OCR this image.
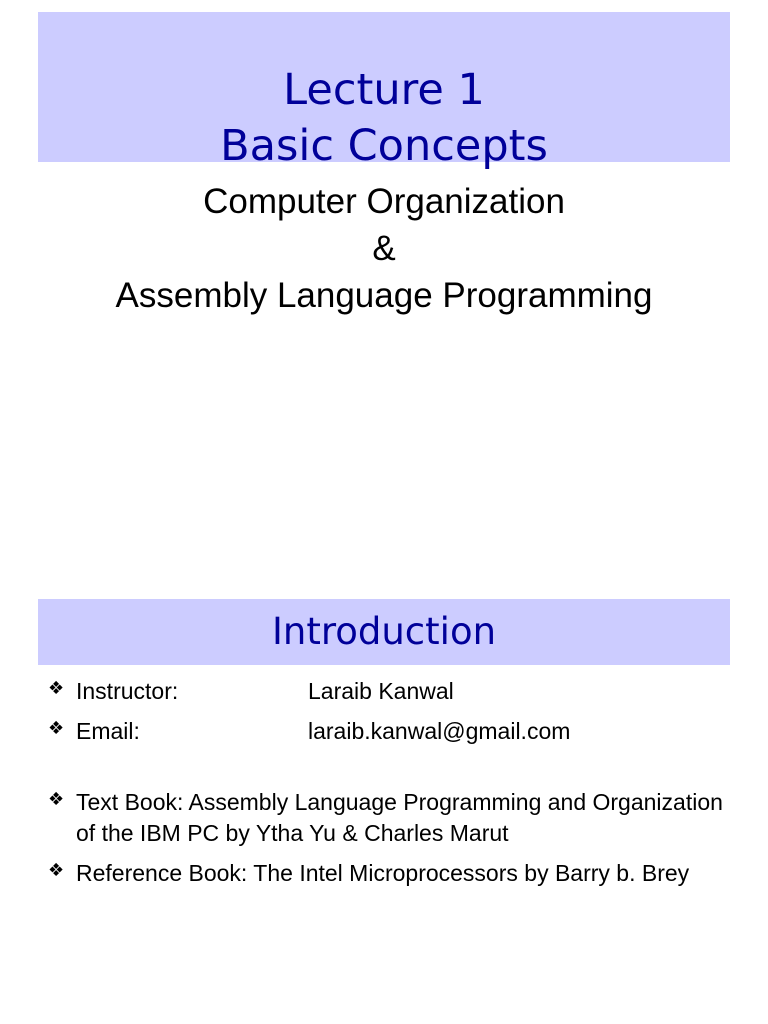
Lecture 1
Basic Concepts
Computer Organization
&
Assembly Language Programming
Introduction
❖ Instructor:	Laraib Kanwal
❖ Email:	laraib.kanwal@gmail.com
❖ Text Book: Assembly Language Programming and Organization of the IBM PC by Ytha Yu & Charles Marut
❖ Reference Book: The Intel Microprocessors by Barry b. Brey
